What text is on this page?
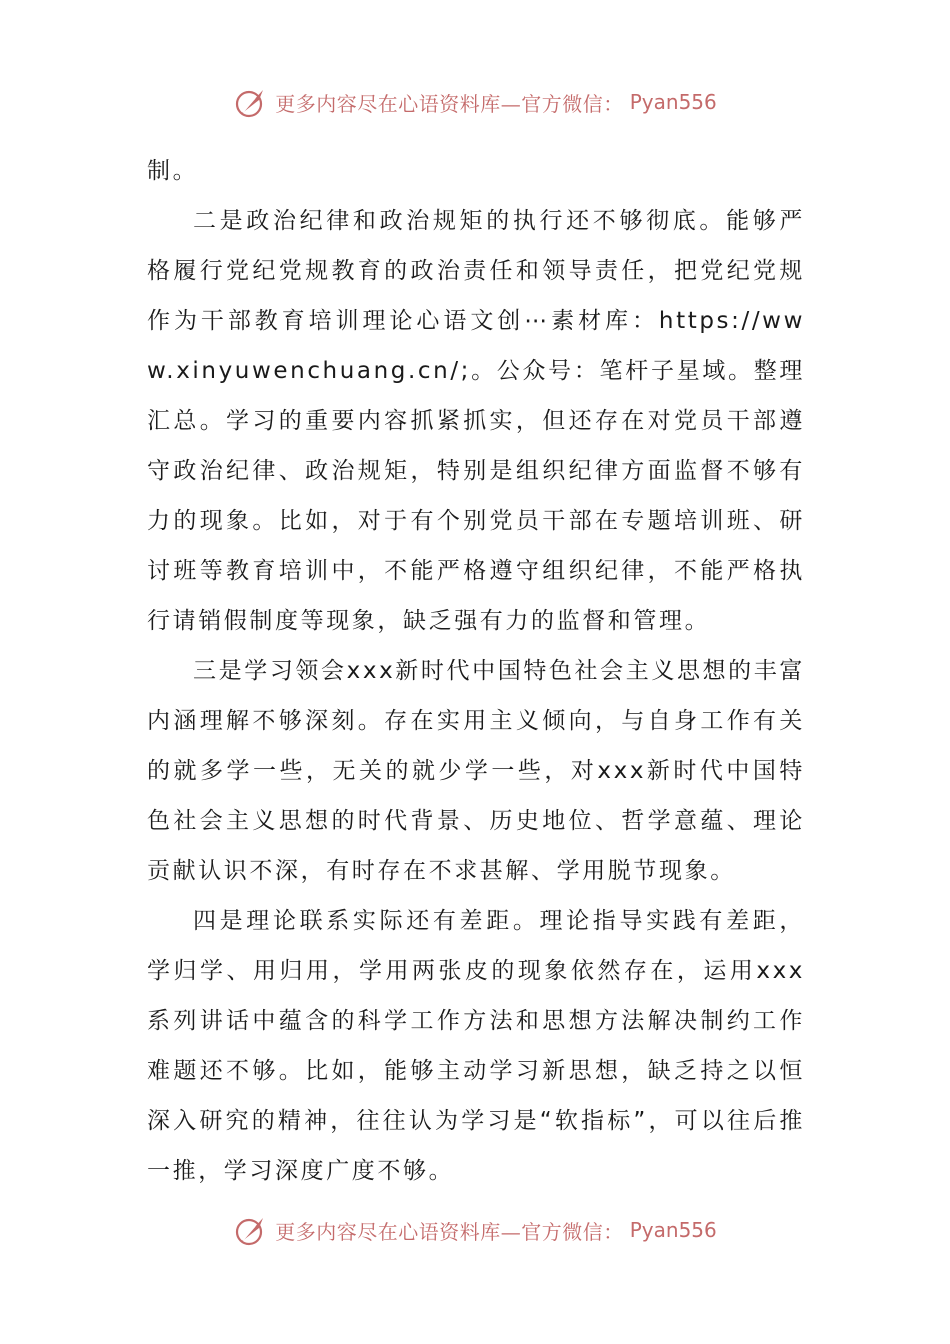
更多内容尽在心语资料库—官方微信： Pyan556

制。

二是政治纪律和政治规矩的执行还不够彻底。能够严格履行党纪党规教育的政治责任和领导责任，把党纪党规作为干部教育培训理论心语文创⋯素材库：https://www.xinyuwenchuang.cn/;。公众号：笔杆子星域。整理汇总。学习的重要内容抓紧抓实，但还存在对党员干部遵守政治纪律、政治规矩，特别是组织纪律方面监督不够有力的现象。比如，对于有个别党员干部在专题培训班、研讨班等教育培训中，不能严格遵守组织纪律，不能严格执行请销假制度等现象，缺乏强有力的监督和管理。

三是学习领会xxx新时代中国特色社会主义思想的丰富内涵理解不够深刻。存在实用主义倾向，与自身工作有关的就多学一些，无关的就少学一些，对xxx新时代中国特色社会主义思想的时代背景、历史地位、哲学意蕴、理论贡献认识不深，有时存在不求甚解、学用脱节现象。

四是理论联系实际还有差距。理论指导实践有差距，学归学、用归用，学用两张皮的现象依然存在，运用xxx系列讲话中蕴含的科学工作方法和思想方法解决制约工作难题还不够。比如，能够主动学习新思想，缺乏持之以恒深入研究的精神，往往认为学习是“软指标”，可以往后推一推，学习深度广度不够。

更多内容尽在心语资料库—官方微信： Pyan556
